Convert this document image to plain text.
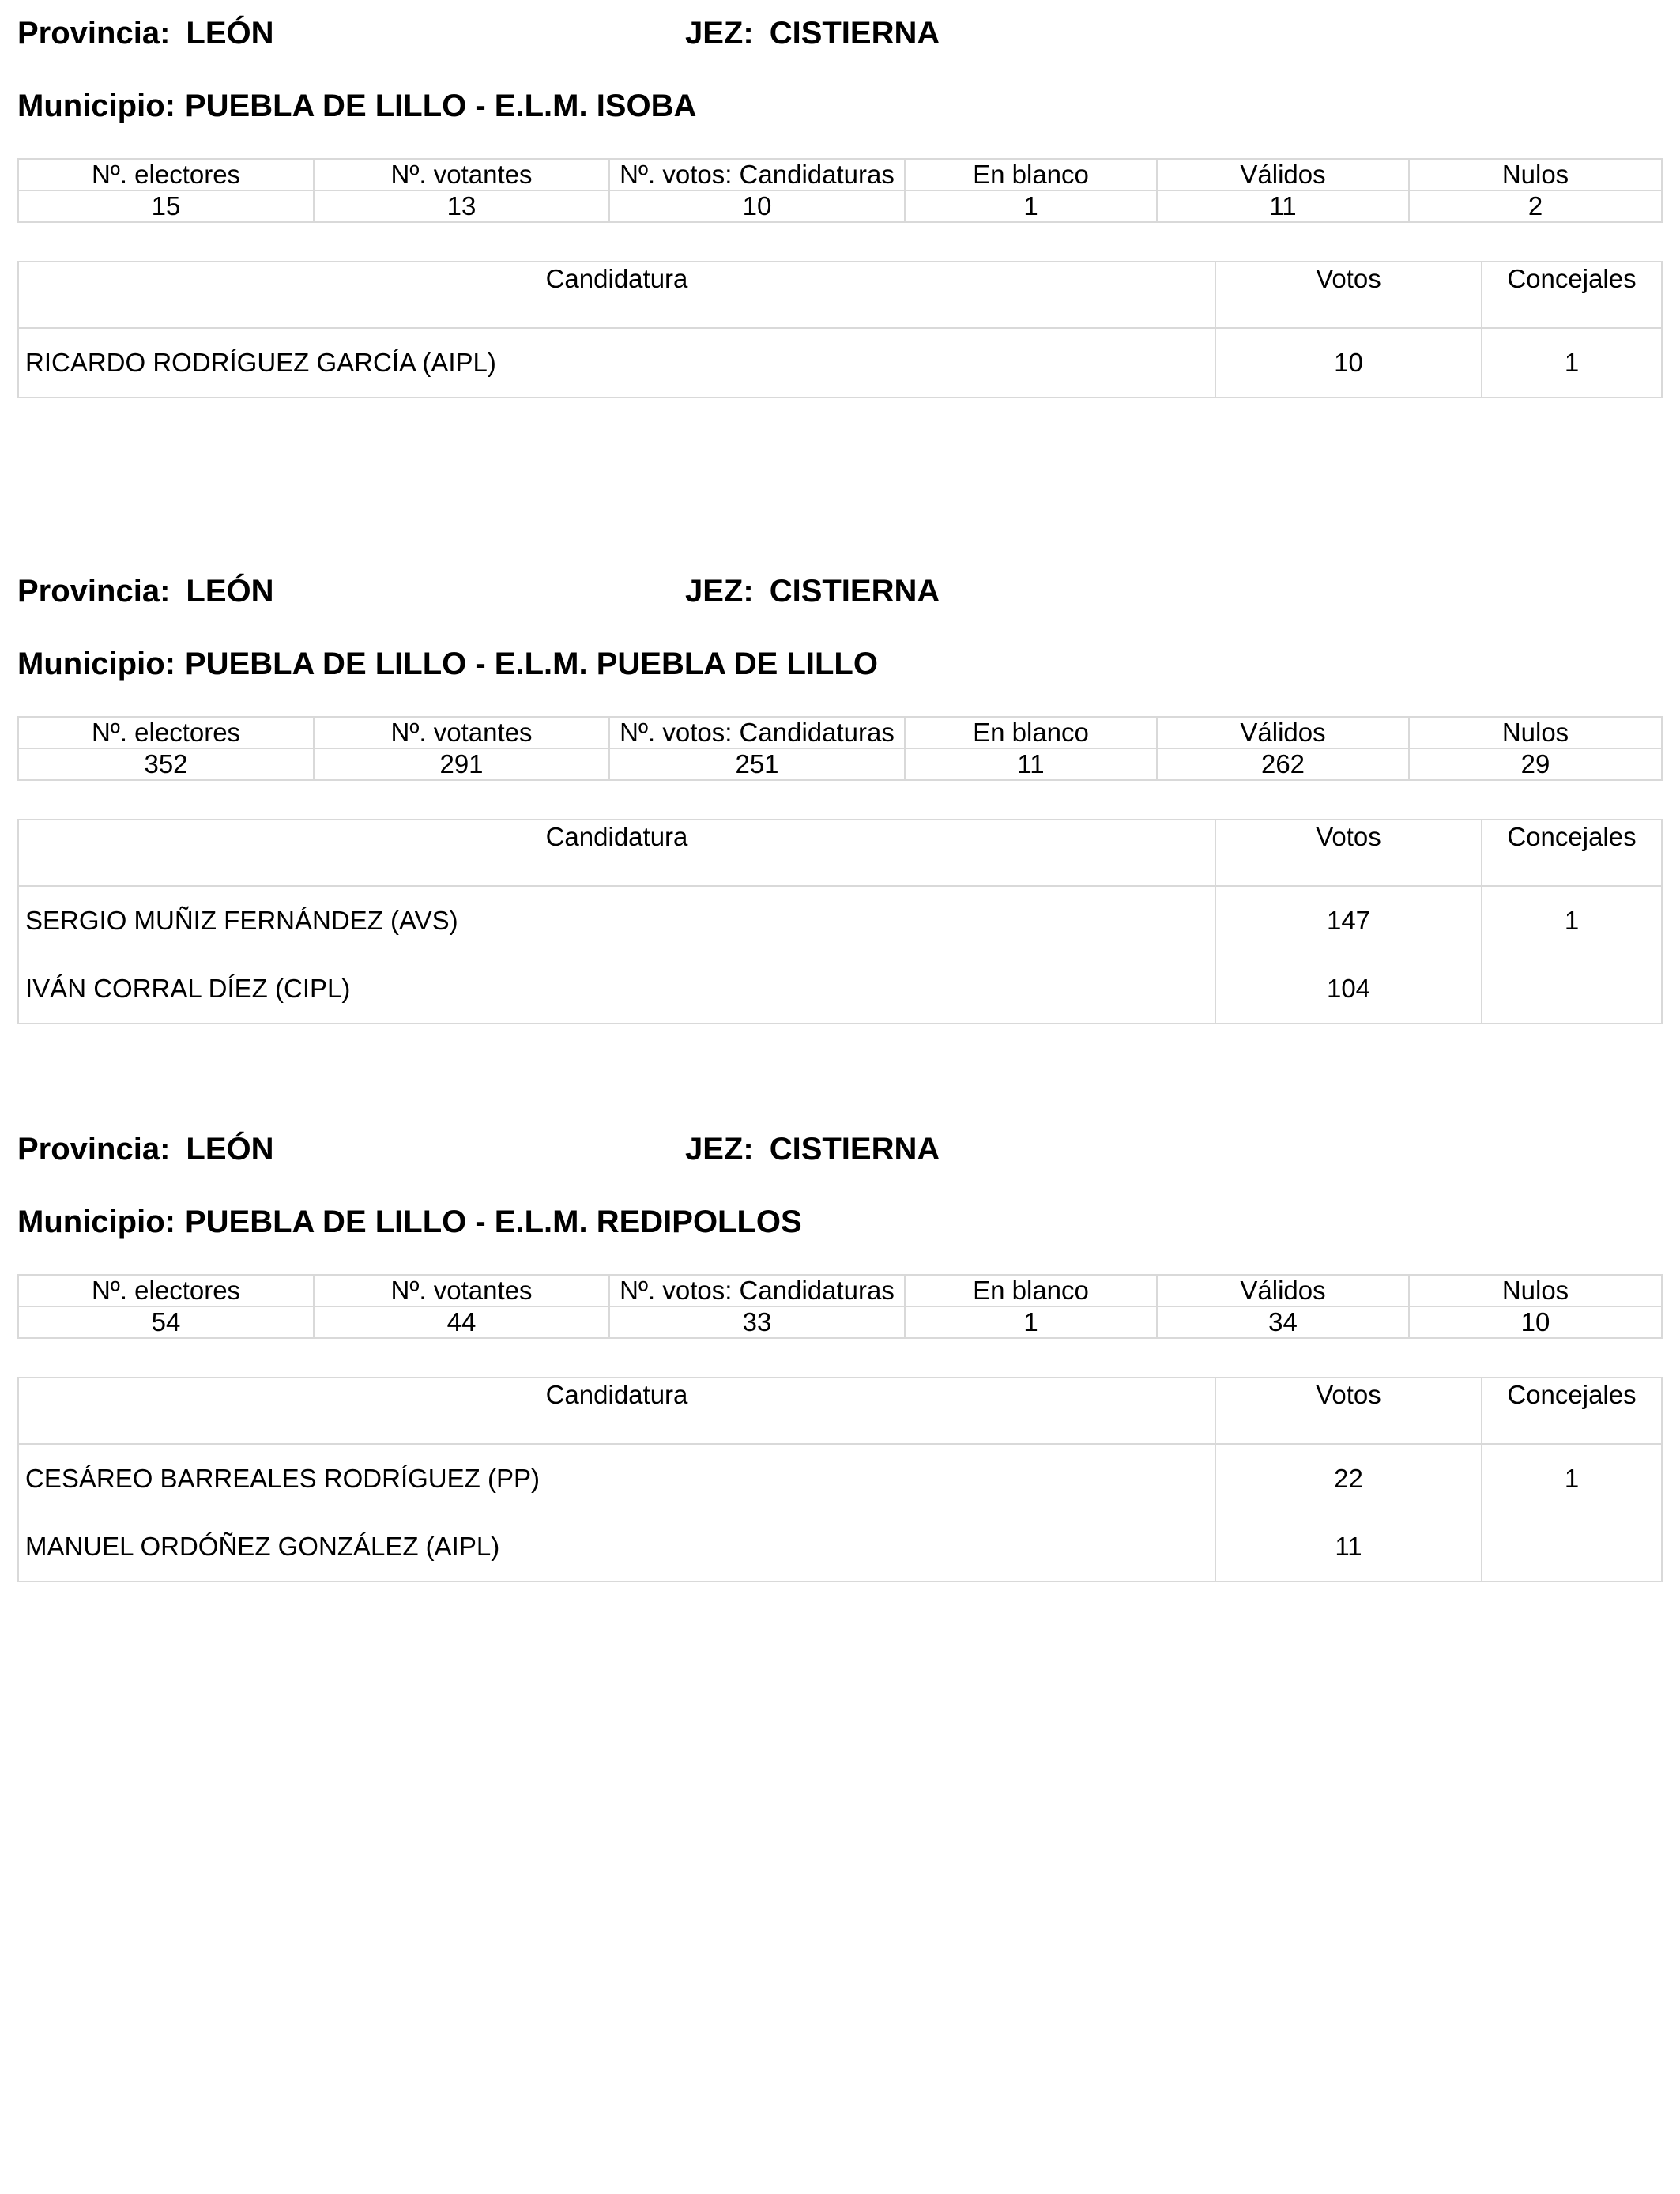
Provincia: LEÓN	JEZ: CISTIERNA
Municipio: PUEBLA DE LILLO - E.L.M. ISOBA
Nº. electores	Nº. votantes	Nº. votos: Candidaturas	En blanco	Válidos	Nulos
15	13	10	1	11	2
Candidatura	Votos	Concejales
RICARDO RODRÍGUEZ GARCÍA (AIPL)	10	1
Provincia: LEÓN	JEZ: CISTIERNA
Municipio: PUEBLA DE LILLO - E.L.M. PUEBLA DE LILLO
Nº. electores	Nº. votantes	Nº. votos: Candidaturas	En blanco	Válidos	Nulos
352	291	251	11	262	29
Candidatura	Votos	Concejales
SERGIO MUÑIZ FERNÁNDEZ (AVS)	147	1
IVÁN CORRAL DÍEZ (CIPL)	104	
Provincia: LEÓN	JEZ: CISTIERNA
Municipio: PUEBLA DE LILLO - E.L.M. REDIPOLLOS
Nº. electores	Nº. votantes	Nº. votos: Candidaturas	En blanco	Válidos	Nulos
54	44	33	1	34	10
Candidatura	Votos	Concejales
CESÁREO BARREALES RODRÍGUEZ (PP)	22	1
MANUEL ORDÓÑEZ GONZÁLEZ (AIPL)	11	
